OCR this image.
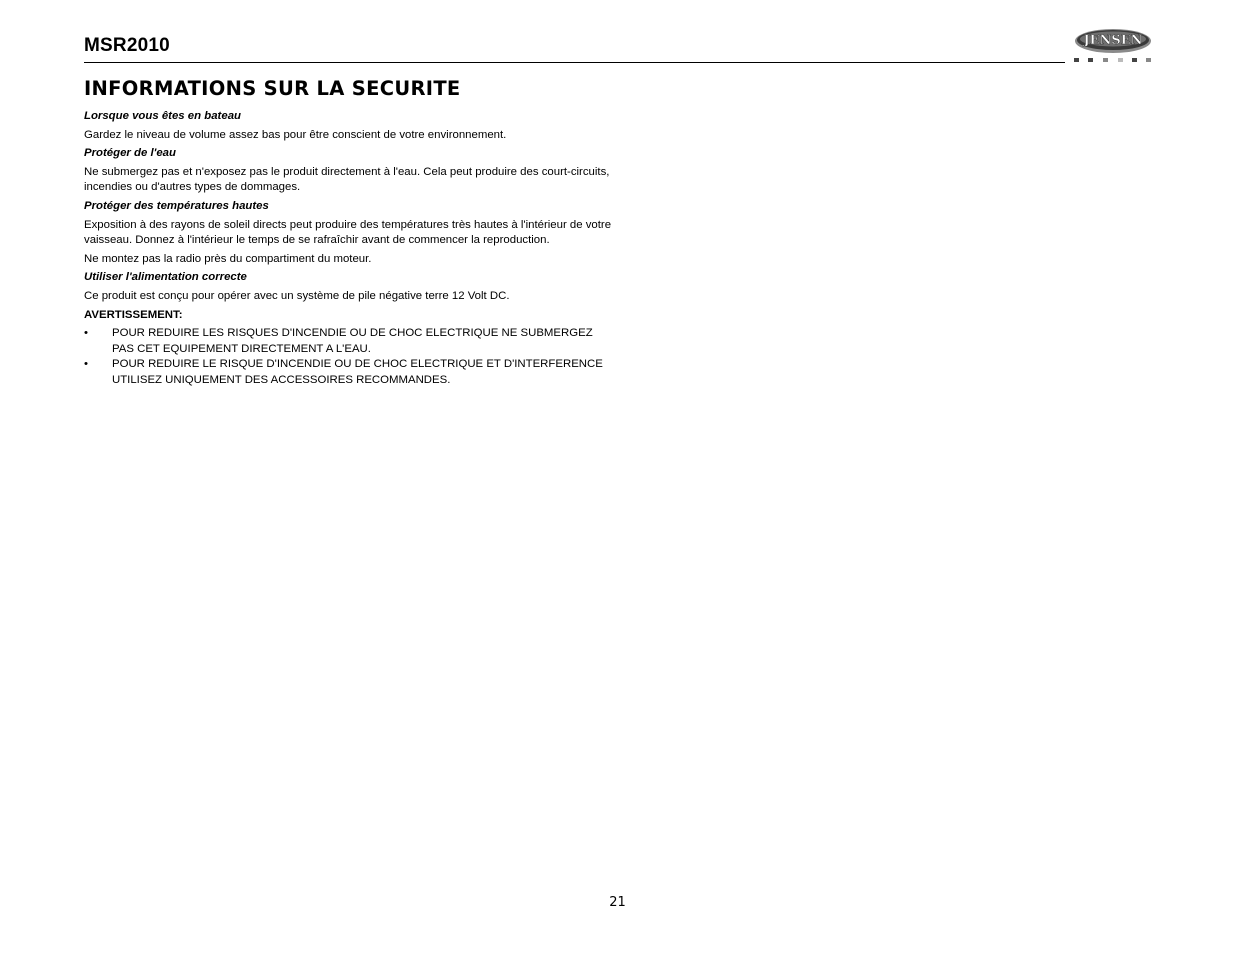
MSR2010	JENSEN
INFORMATIONS SUR LA SECURITE

Lorsque vous êtes en bateau

Gardez le niveau de volume assez bas pour être conscient de votre environnement.

Protéger de l'eau

Ne submergez pas et n'exposez pas le produit directement à l'eau. Cela peut produire des court-circuits, incendies ou d'autres types de dommages.

Protéger des températures hautes

Exposition à des rayons de soleil directs peut produire des températures très hautes à l'intérieur de votre vaisseau. Donnez à l'intérieur le temps de se rafraîchir avant de commencer la reproduction.

Ne montez pas la radio près du compartiment du moteur.

Utiliser l'alimentation correcte

Ce produit est conçu pour opérer avec un système de pile négative terre 12 Volt DC.

AVERTISSEMENT:

• POUR REDUIRE LES RISQUES D'INCENDIE OU DE CHOC ELECTRIQUE NE SUBMERGEZ PAS CET EQUIPEMENT DIRECTEMENT A L'EAU.
• POUR REDUIRE LE RISQUE D'INCENDIE OU DE CHOC ELECTRIQUE ET D'INTERFERENCE UTILISEZ UNIQUEMENT DES ACCESSOIRES RECOMMANDES.
21
